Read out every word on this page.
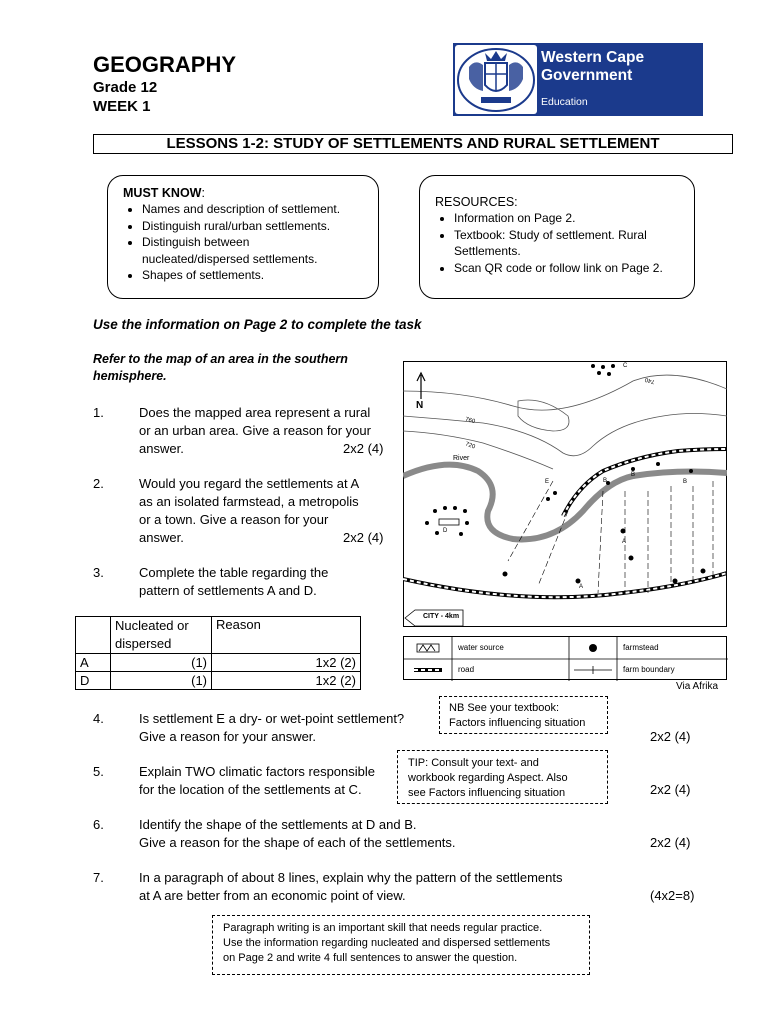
GEOGRAPHY
Grade 12
WEEK 1
Western Cape
Government
Education
LESSONS 1-2: STUDY OF SETTLEMENTS AND RURAL SETTLEMENT
MUST KNOW:
• Names and description of settlement.
• Distinguish rural/urban settlements.
• Distinguish between
nucleated/dispersed settlements.
• Shapes of settlements.
RESOURCES:
• Information on Page 2.
• Textbook: Study of settlement. Rural
Settlements.
• Scan QR code or follow link on Page 2.
Use the information on Page 2 to complete the task
Refer to the map of an area in the southern hemisphere.
1.	Does the mapped area represent a rural
or an urban area. Give a reason for your
answer.	2x2 (4)
2.	Would you regard the settlements at A
as an isolated farmstead, a metropolis
or a town. Give a reason for your
answer.	2x2 (4)
3.	Complete the table regarding the
pattern of settlements A and D.
	Nucleated or dispersed	Reason
A	(1)	1x2 (2)
D	(1)	1x2 (2)
N
River
760
720
740
A
A
B
B
B
C
D
E
CITY - 4km
water source	farmstead
road	farm boundary
Via Afrika
NB See your textbook:
Factors influencing situation
4.	Is settlement E a dry- or wet-point settlement?
Give a reason for your answer.	2x2 (4)
TIP: Consult your text- and
workbook regarding Aspect. Also
see Factors influencing situation
5.	Explain TWO climatic factors responsible
for the location of the settlements at C.	2x2 (4)
6.	Identify the shape of the settlements at D and B.
Give a reason for the shape of each of the settlements.	2x2 (4)
7.	In a paragraph of about 8 lines, explain why the pattern of the settlements
at A are better from an economic point of view.	(4x2=8)
Paragraph writing is an important skill that needs regular practice.
Use the information regarding nucleated and dispersed settlements
on Page 2 and write 4 full sentences to answer the question.
